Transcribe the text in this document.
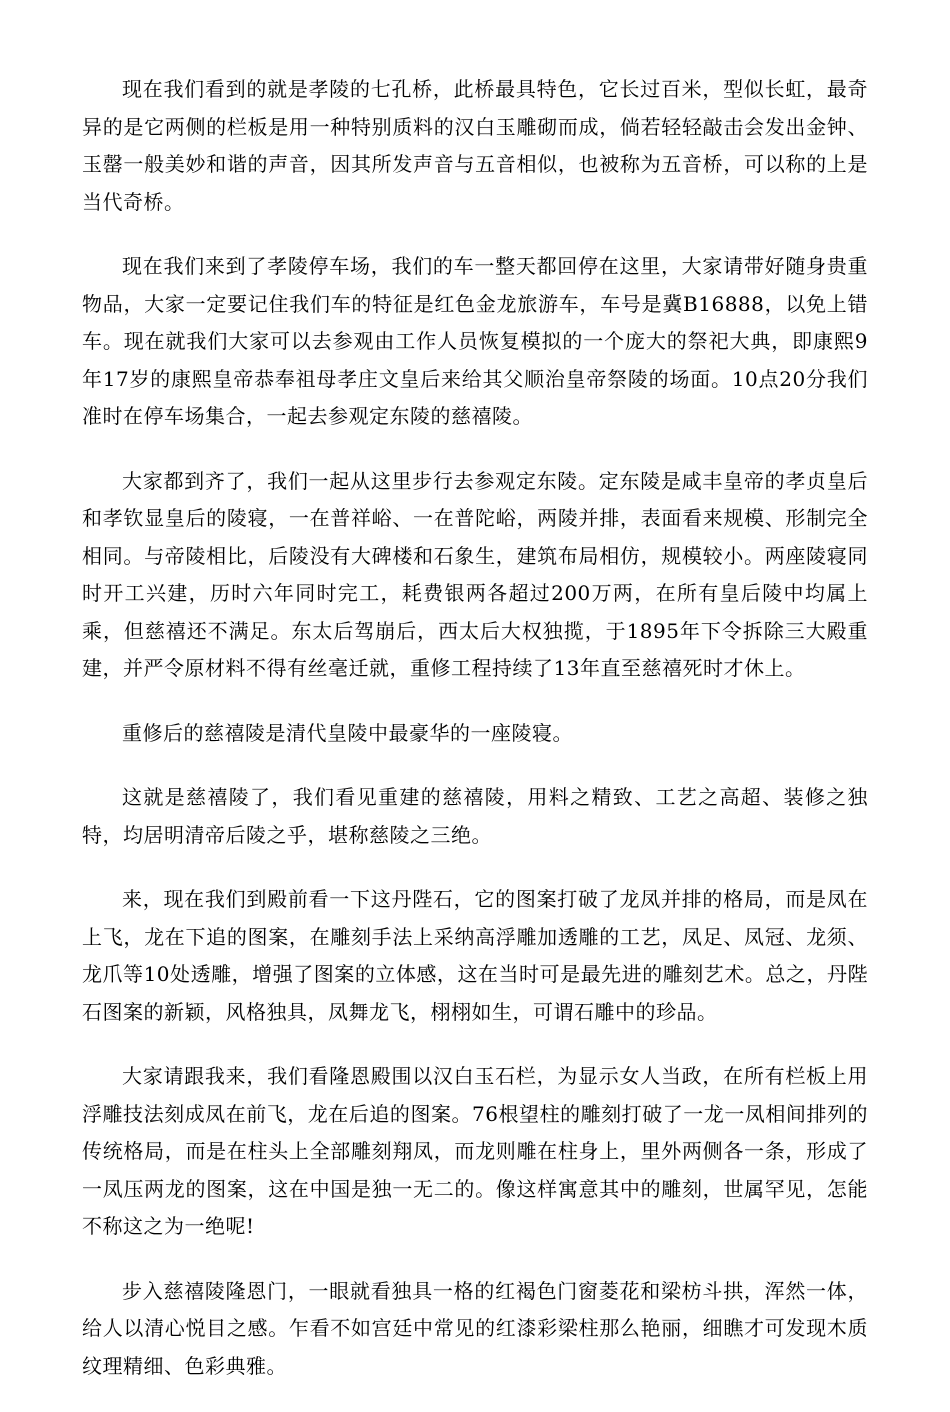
现在我们看到的就是孝陵的七孔桥，此桥最具特色，它长过百米，型似长虹，最奇异的是它两侧的栏板是用一种特别质料的汉白玉雕砌而成，倘若轻轻敲击会发出金钟、玉罄一般美妙和谐的声音，因其所发声音与五音相似，也被称为五音桥，可以称的上是当代奇桥。

现在我们来到了孝陵停车场，我们的车一整天都回停在这里，大家请带好随身贵重物品，大家一定要记住我们车的特征是红色金龙旅游车，车号是冀B16888，以免上错车。现在就我们大家可以去参观由工作人员恢复模拟的一个庞大的祭祀大典，即康熙9年17岁的康熙皇帝恭奉祖母孝庄文皇后来给其父顺治皇帝祭陵的场面。10点20分我们准时在停车场集合，一起去参观定东陵的慈禧陵。

大家都到齐了，我们一起从这里步行去参观定东陵。定东陵是咸丰皇帝的孝贞皇后和孝钦显皇后的陵寝，一在普祥峪、一在普陀峪，两陵并排，表面看来规模、形制完全相同。与帝陵相比，后陵没有大碑楼和石象生，建筑布局相仿，规模较小。两座陵寝同时开工兴建，历时六年同时完工，耗费银两各超过200万两，在所有皇后陵中均属上乘，但慈禧还不满足。东太后驾崩后，西太后大权独揽，于1895年下令拆除三大殿重建，并严令原材料不得有丝毫迁就，重修工程持续了13年直至慈禧死时才休上。

重修后的慈禧陵是清代皇陵中最豪华的一座陵寝。

这就是慈禧陵了，我们看见重建的慈禧陵，用料之精致、工艺之高超、装修之独特，均居明清帝后陵之乎，堪称慈陵之三绝。

来，现在我们到殿前看一下这丹陛石，它的图案打破了龙凤并排的格局，而是凤在上飞，龙在下追的图案，在雕刻手法上采纳高浮雕加透雕的工艺，凤足、凤冠、龙须、龙爪等10处透雕，增强了图案的立体感，这在当时可是最先进的雕刻艺术。总之，丹陛石图案的新颖，风格独具，凤舞龙飞，栩栩如生，可谓石雕中的珍品。

大家请跟我来，我们看隆恩殿围以汉白玉石栏，为显示女人当政，在所有栏板上用浮雕技法刻成凤在前飞，龙在后追的图案。76根望柱的雕刻打破了一龙一凤相间排列的传统格局，而是在柱头上全部雕刻翔凤，而龙则雕在柱身上，里外两侧各一条，形成了一凤压两龙的图案，这在中国是独一无二的。像这样寓意其中的雕刻，世属罕见，怎能不称这之为一绝呢!

步入慈禧陵隆恩门，一眼就看独具一格的红褐色门窗菱花和梁枋斗拱，浑然一体，给人以清心悦目之感。乍看不如宫廷中常见的红漆彩梁柱那么艳丽，细瞧才可发现木质纹理精细、色彩典雅。
